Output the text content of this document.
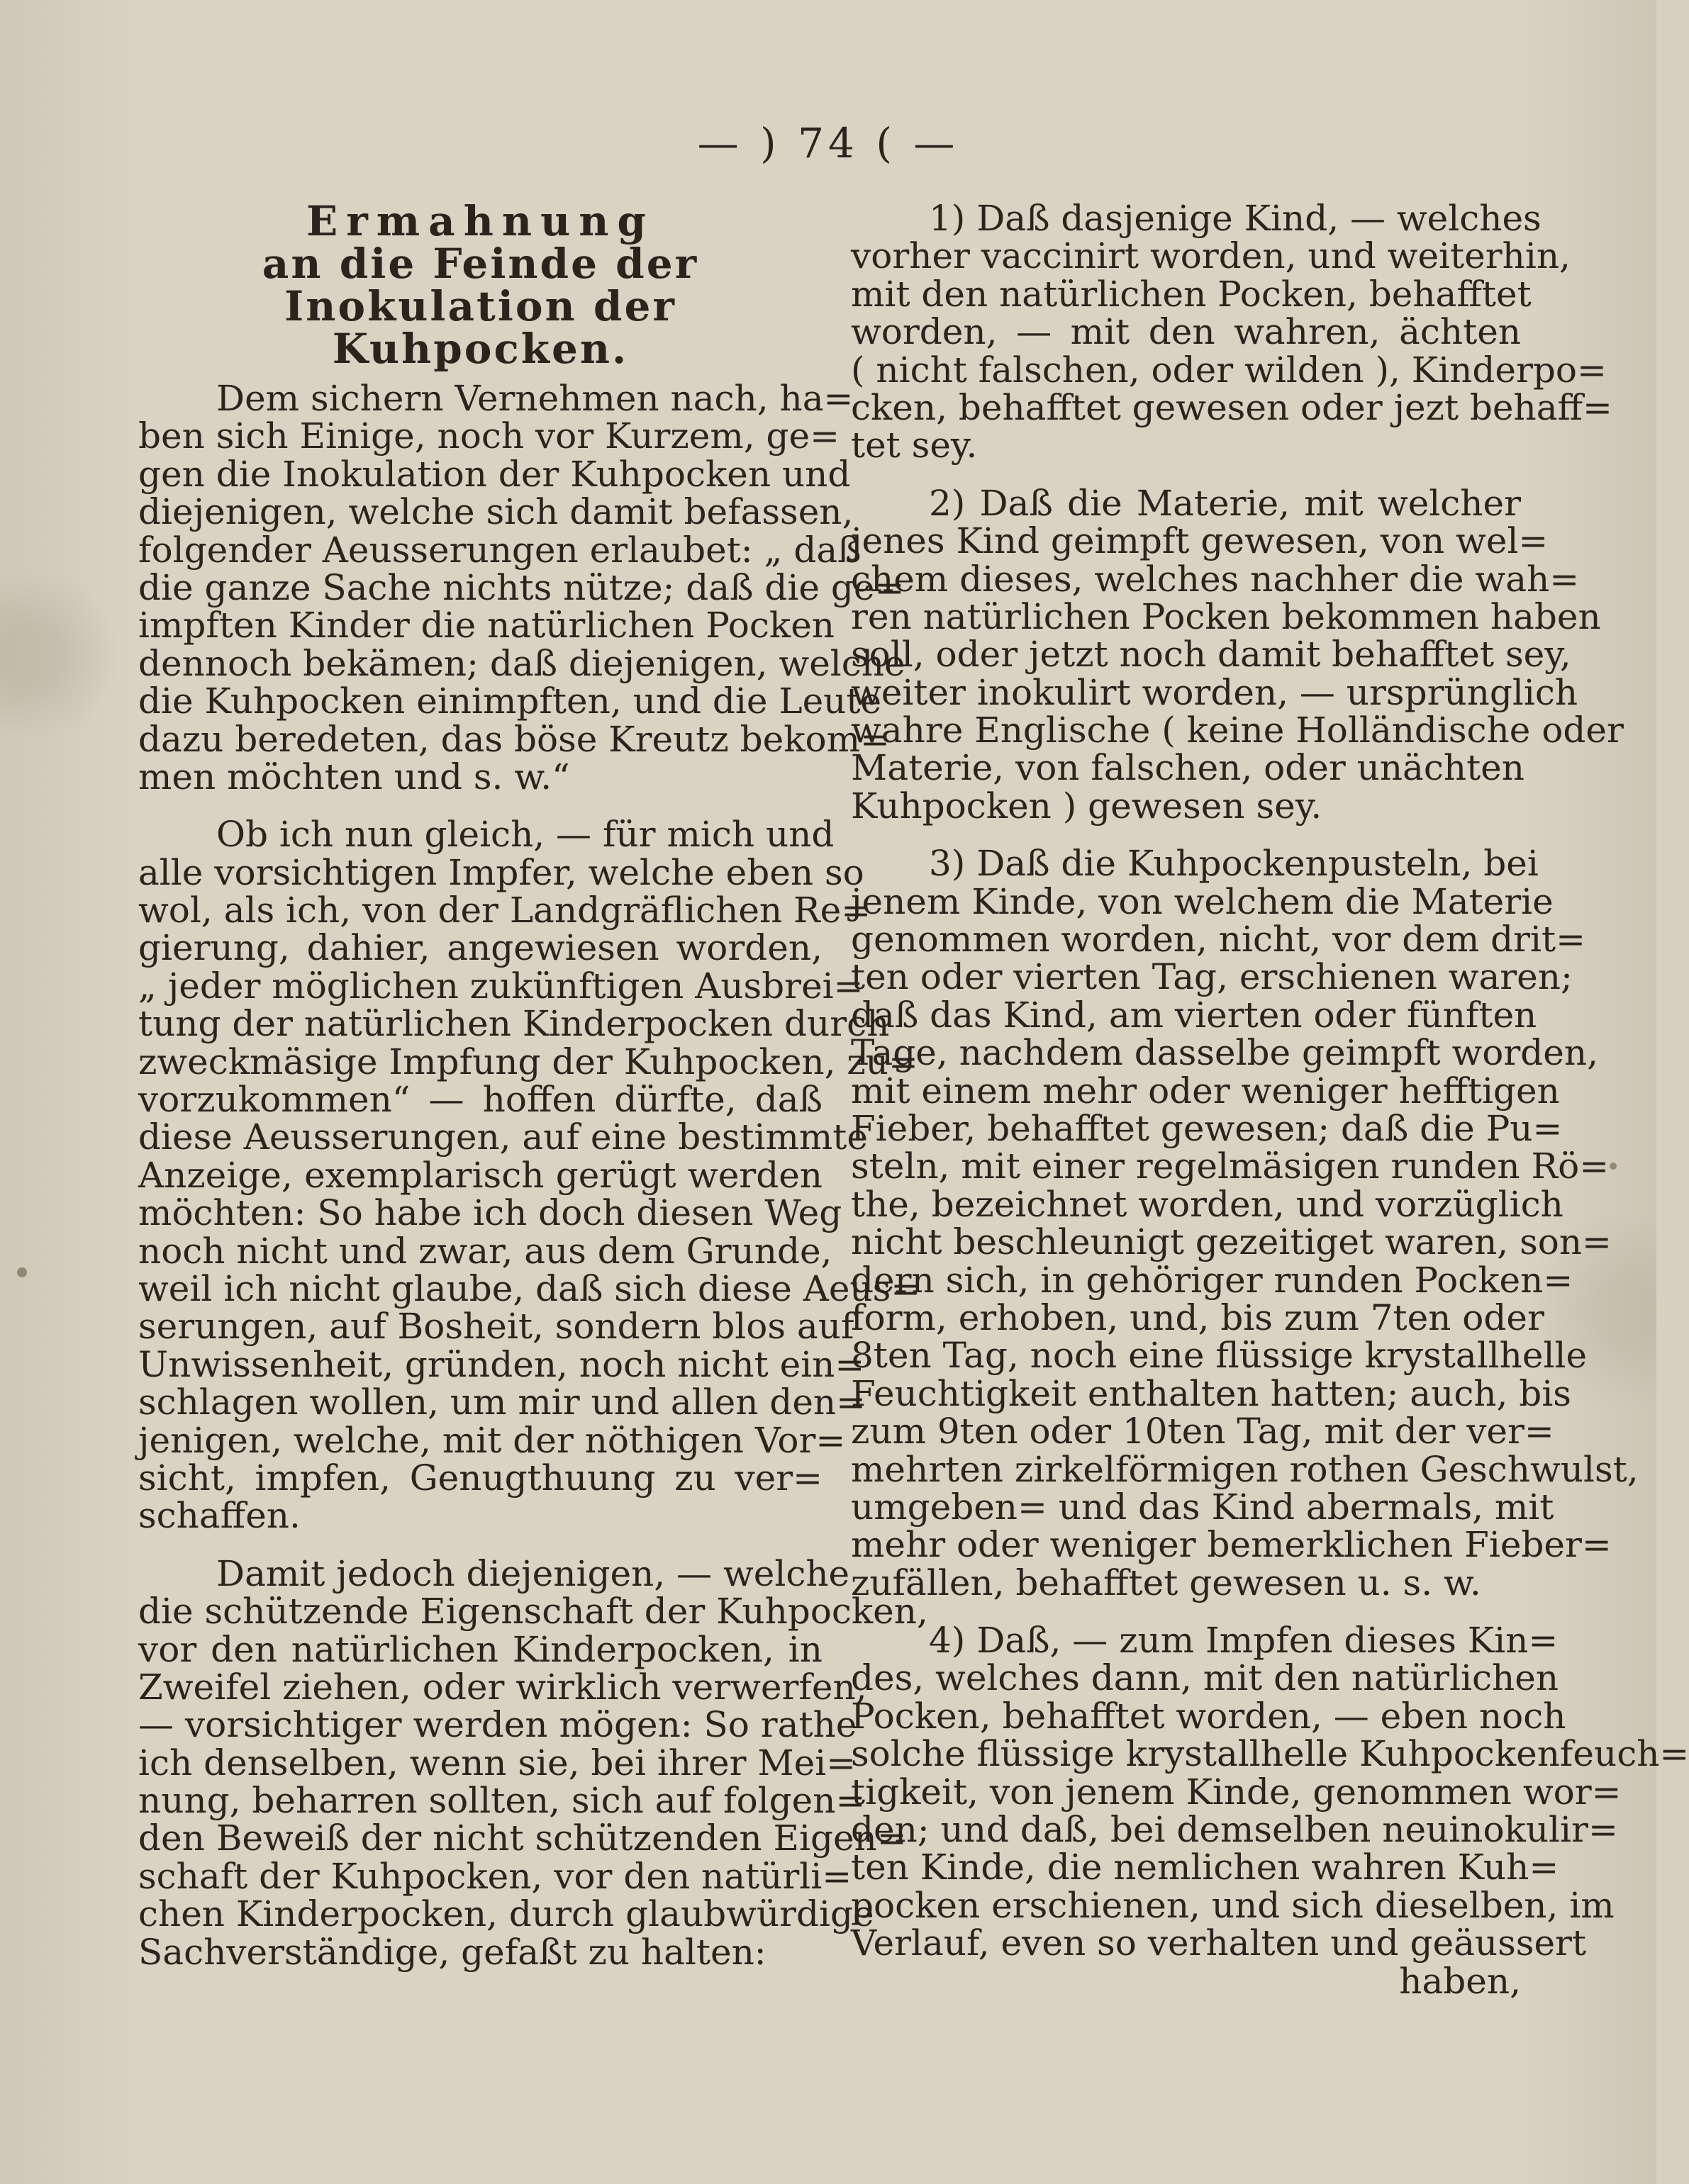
— ) 74 ( —
Ermahnung
an die Feinde der Inokulation der
Kuhpocken.
Dem sichern Vernehmen nach, ha=
ben sich Einige, noch vor Kurzem, ge=
gen die Inokulation der Kuhpocken und
diejenigen, welche sich damit befassen,
folgender Aeusserungen erlaubet: „ daß
die ganze Sache nichts nütze; daß die ge=
impften Kinder die natürlichen Pocken
dennoch bekämen; daß diejenigen, welche
die Kuhpocken einimpften, und die Leute
dazu beredeten, das böse Kreutz bekom=
men möchten und s. w.“
Ob ich nun gleich, — für mich und
alle vorsichtigen Impfer, welche eben so
wol, als ich, von der Landgräflichen Re=
gierung, dahier, angewiesen worden,
„ jeder möglichen zukünftigen Ausbrei=
tung der natürlichen Kinderpocken durch
zweckmäsige Impfung der Kuhpocken, zu=
vorzukommen“ — hoffen dürfte, daß
diese Aeusserungen, auf eine bestimmte
Anzeige, exemplarisch gerügt werden
möchten: So habe ich doch diesen Weg
noch nicht und zwar, aus dem Grunde,
weil ich nicht glaube, daß sich diese Aeus=
serungen, auf Bosheit, sondern blos auf
Unwissenheit, gründen, noch nicht ein=
schlagen wollen, um mir und allen den=
jenigen, welche, mit der nöthigen Vor=
sicht, impfen, Genugthuung zu ver=
schaffen.
Damit jedoch diejenigen, — welche
die schützende Eigenschaft der Kuhpocken,
vor den natürlichen Kinderpocken, in
Zweifel ziehen, oder wirklich verwerfen,
— vorsichtiger werden mögen: So rathe
ich denselben, wenn sie, bei ihrer Mei=
nung, beharren sollten, sich auf folgen=
den Beweiß der nicht schützenden Eigen=
schaft der Kuhpocken, vor den natürli=
chen Kinderpocken, durch glaubwürdige
Sachverständige, gefaßt zu halten:
1) Daß dasjenige Kind, — welches
vorher vaccinirt worden, und weiterhin,
mit den natürlichen Pocken, behafftet
worden, — mit den wahren, ächten
( nicht falschen, oder wilden ), Kinderpo=
cken, behafftet gewesen oder jezt behaff=
tet sey.
2) Daß die Materie, mit welcher
jenes Kind geimpft gewesen, von wel=
chem dieses, welches nachher die wah=
ren natürlichen Pocken bekommen haben
soll, oder jetzt noch damit behafftet sey,
weiter inokulirt worden, — ursprünglich
wahre Englische ( keine Holländische oder
Materie, von falschen, oder unächten
Kuhpocken ) gewesen sey.
3) Daß die Kuhpockenpusteln, bei
jenem Kinde, von welchem die Materie
genommen worden, nicht, vor dem drit=
ten oder vierten Tag, erschienen waren;
daß das Kind, am vierten oder fünften
Tage, nachdem dasselbe geimpft worden,
mit einem mehr oder weniger hefftigen
Fieber, behafftet gewesen; daß die Pu=
steln, mit einer regelmäsigen runden Rö=
the, bezeichnet worden, und vorzüglich
nicht beschleunigt gezeitiget waren, son=
dern sich, in gehöriger runden Pocken=
form, erhoben, und, bis zum 7ten oder
8ten Tag, noch eine flüssige krystallhelle
Feuchtigkeit enthalten hatten; auch, bis
zum 9ten oder 10ten Tag, mit der ver=
mehrten zirkelförmigen rothen Geschwulst,
umgeben= und das Kind abermals, mit
mehr oder weniger bemerklichen Fieber=
zufällen, behafftet gewesen u. s. w.
4) Daß, — zum Impfen dieses Kin=
des, welches dann, mit den natürlichen
Pocken, behafftet worden, — eben noch
solche flüssige krystallhelle Kuhpockenfeuch=
tigkeit, von jenem Kinde, genommen wor=
den; und daß, bei demselben neuinokulir=
ten Kinde, die nemlichen wahren Kuh=
pocken erschienen, und sich dieselben, im
Verlauf, even so verhalten und geäussert
haben,
